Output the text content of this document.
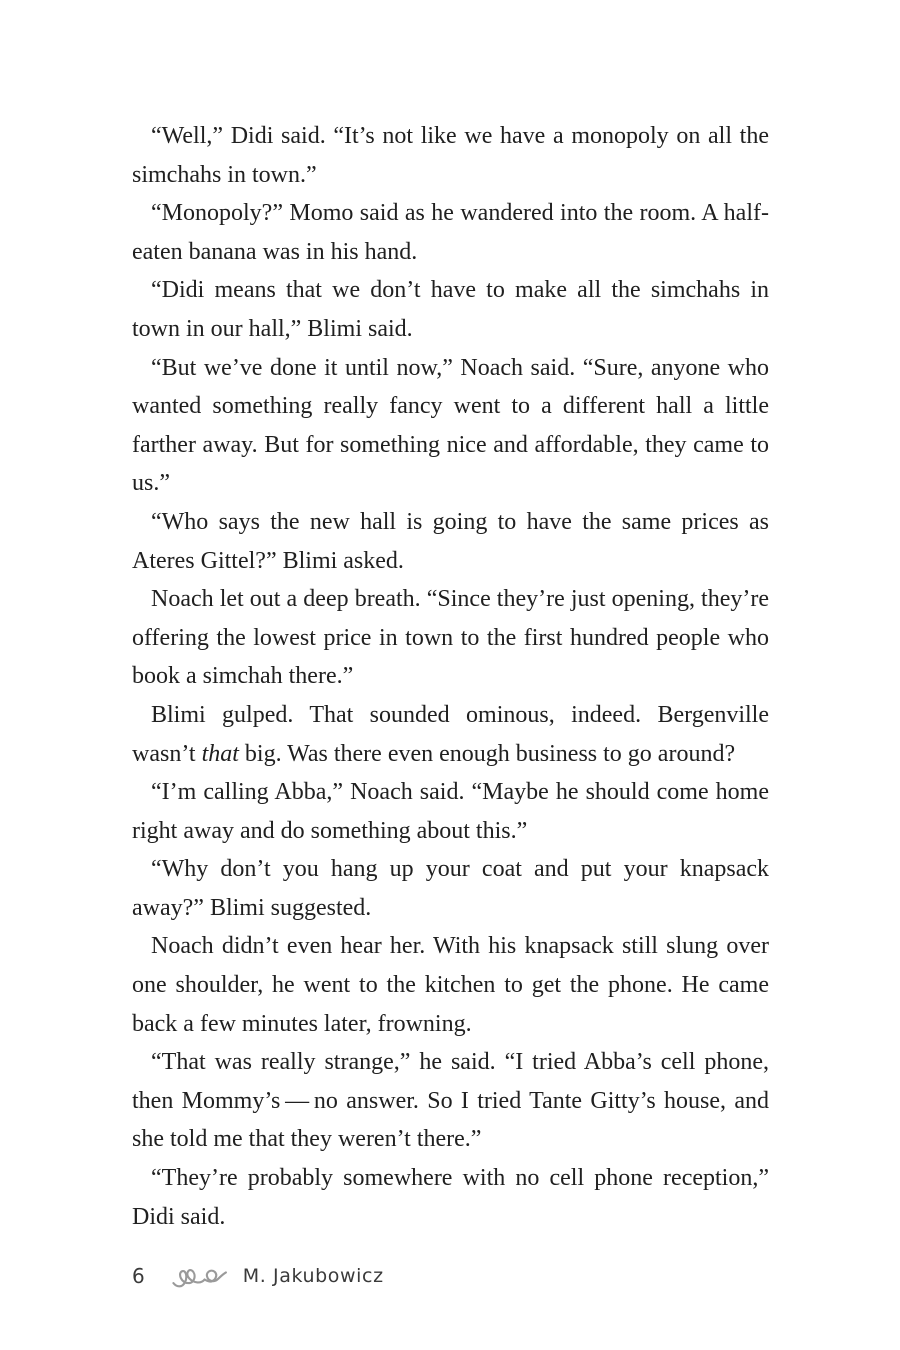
“Well,” Didi said. “It’s not like we have a monopoly on all the simchahs in town.”

“Monopoly?” Momo said as he wandered into the room. A half-eaten banana was in his hand.

“Didi means that we don’t have to make all the simchahs in town in our hall,” Blimi said.

“But we’ve done it until now,” Noach said. “Sure, anyone who wanted something really fancy went to a different hall a little farther away. But for something nice and affordable, they came to us.”

“Who says the new hall is going to have the same prices as Ateres Gittel?” Blimi asked.

Noach let out a deep breath. “Since they’re just opening, they’re offering the lowest price in town to the first hundred people who book a simchah there.”

Blimi gulped. That sounded ominous, indeed. Bergenville wasn’t that big. Was there even enough business to go around?

“I’m calling Abba,” Noach said. “Maybe he should come home right away and do something about this.”

“Why don’t you hang up your coat and put your knapsack away?” Blimi suggested.

Noach didn’t even hear her. With his knapsack still slung over one shoulder, he went to the kitchen to get the phone. He came back a few minutes later, frowning.

“That was really strange,” he said. “I tried Abba’s cell phone, then Mommy’s — no answer. So I tried Tante Gitty’s house, and she told me that they weren’t there.”

“They’re probably somewhere with no cell phone reception,” Didi said.

6	M. Jakubowicz
